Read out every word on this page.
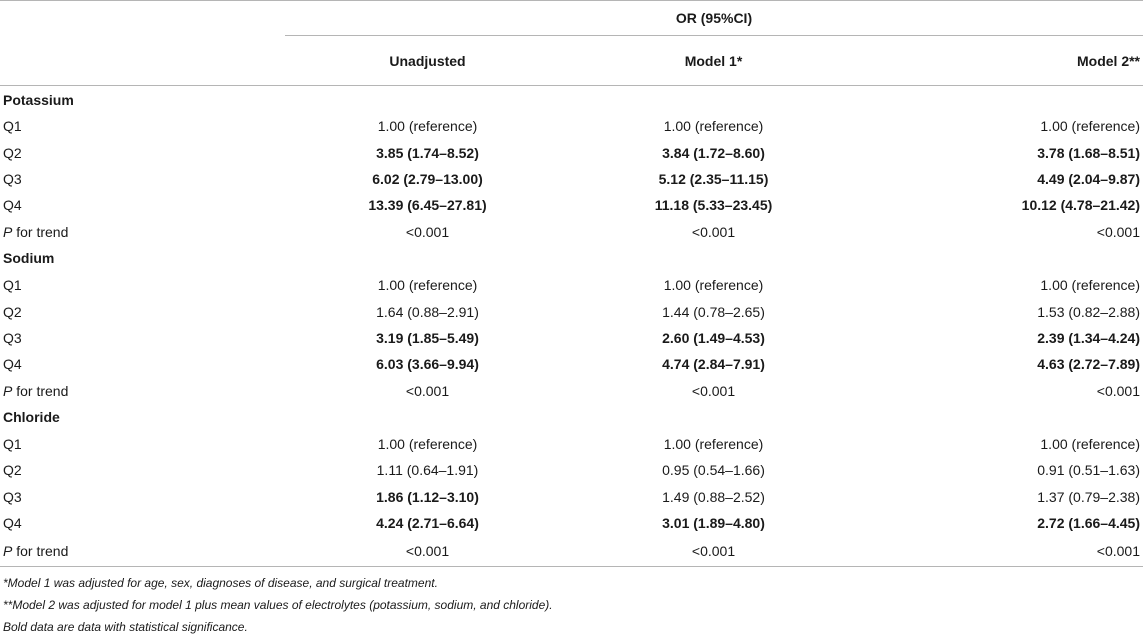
	OR (95%CI)		
	Unadjusted	Model 1*	Model 2**
Potassium			
Q1	1.00 (reference)	1.00 (reference)	1.00 (reference)
Q2	3.85 (1.74–8.52)	3.84 (1.72–8.60)	3.78 (1.68–8.51)
Q3	6.02 (2.79–13.00)	5.12 (2.35–11.15)	4.49 (2.04–9.87)
Q4	13.39 (6.45–27.81)	11.18 (5.33–23.45)	10.12 (4.78–21.42)
P for trend	<0.001	<0.001	<0.001
Sodium			
Q1	1.00 (reference)	1.00 (reference)	1.00 (reference)
Q2	1.64 (0.88–2.91)	1.44 (0.78–2.65)	1.53 (0.82–2.88)
Q3	3.19 (1.85–5.49)	2.60 (1.49–4.53)	2.39 (1.34–4.24)
Q4	6.03 (3.66–9.94)	4.74 (2.84–7.91)	4.63 (2.72–7.89)
P for trend	<0.001	<0.001	<0.001
Chloride			
Q1	1.00 (reference)	1.00 (reference)	1.00 (reference)
Q2	1.11 (0.64–1.91)	0.95 (0.54–1.66)	0.91 (0.51–1.63)
Q3	1.86 (1.12–3.10)	1.49 (0.88–2.52)	1.37 (0.79–2.38)
Q4	4.24 (2.71–6.64)	3.01 (1.89–4.80)	2.72 (1.66–4.45)
P for trend	<0.001	<0.001	<0.001
*Model 1 was adjusted for age, sex, diagnoses of disease, and surgical treatment.
**Model 2 was adjusted for model 1 plus mean values of electrolytes (potassium, sodium, and chloride).
Bold data are data with statistical significance.
